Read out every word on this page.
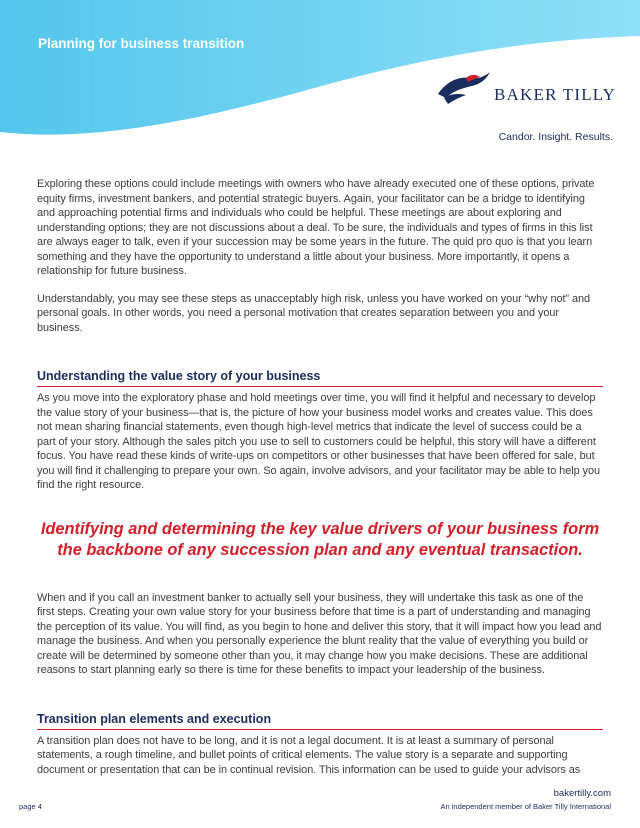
Planning for business transition
BAKER TILLY
Candor. Insight. Results.

Exploring these options could include meetings with owners who have already executed one of these options, private equity firms, investment bankers, and potential strategic buyers. Again, your facilitator can be a bridge to identifying and approaching potential firms and individuals who could be helpful. These meetings are about exploring and understanding options; they are not discussions about a deal. To be sure, the individuals and types of firms in this list are always eager to talk, even if your succession may be some years in the future. The quid pro quo is that you learn something and they have the opportunity to understand a little about your business. More importantly, it opens a relationship for future business.

Understandably, you may see these steps as unacceptably high risk, unless you have worked on your “why not” and personal goals. In other words, you need a personal motivation that creates separation between you and your business.

Understanding the value story of your business

As you move into the exploratory phase and hold meetings over time, you will find it helpful and necessary to develop the value story of your business—that is, the picture of how your business model works and creates value. This does not mean sharing financial statements, even though high-level metrics that indicate the level of success could be a part of your story. Although the sales pitch you use to sell to customers could be helpful, this story will have a different focus. You have read these kinds of write-ups on competitors or other businesses that have been offered for sale, but you will find it challenging to prepare your own. So again, involve advisors, and your facilitator may be able to help you find the right resource.

Identifying and determining the key value drivers of your business form the backbone of any succession plan and any eventual transaction.

When and if you call an investment banker to actually sell your business, they will undertake this task as one of the first steps. Creating your own value story for your business before that time is a part of understanding and managing the perception of its value. You will find, as you begin to hone and deliver this story, that it will impact how you lead and manage the business. And when you personally experience the blunt reality that the value of everything you build or create will be determined by someone other than you, it may change how you make decisions. These are additional reasons to start planning early so there is time for these benefits to impact your leadership of the business.

Transition plan elements and execution

A transition plan does not have to be long, and it is not a legal document. It is at least a summary of personal statements, a rough timeline, and bullet points of critical elements. The value story is a separate and supporting document or presentation that can be in continual revision. This information can be used to guide your advisors as

bakertilly.com
page 4	An independent member of Baker Tilly International
